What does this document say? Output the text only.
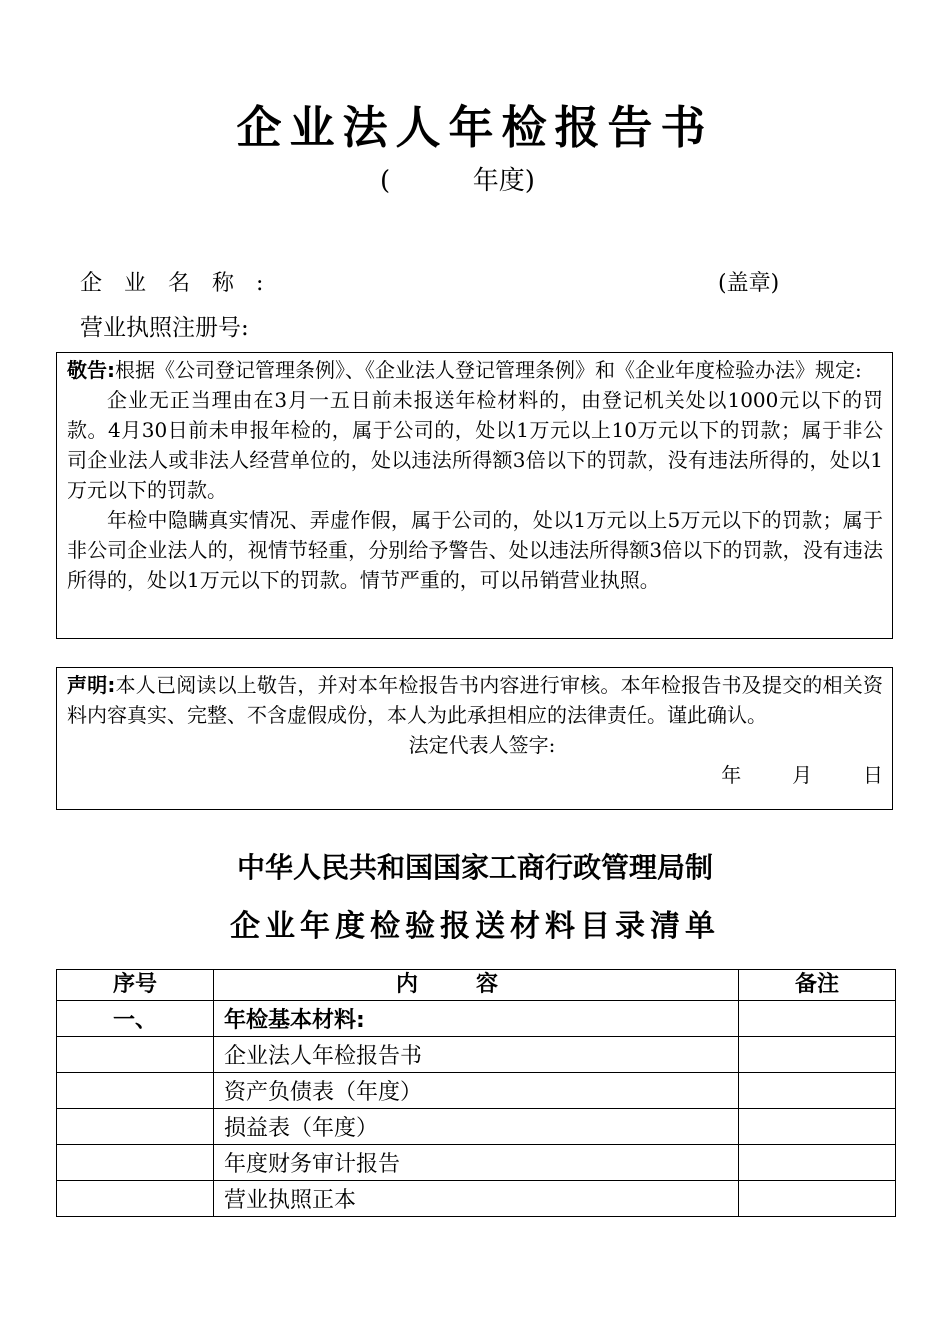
企业法人年检报告书
(          年度)
企业名称:	(盖章)
营业执照注册号:

敬告:根据《公司登记管理条例》、《企业法人登记管理条例》和《企业年度检验办法》规定:

企业无正当理由在3月一五日前未报送年检材料的，由登记机关处以1000元以下的罚款。4月30日前未申报年检的，属于公司的，处以1万元以上10万元以下的罚款；属于非公司企业法人或非法人经营单位的，处以违法所得额3倍以下的罚款，没有违法所得的，处以1万元以下的罚款。

年检中隐瞒真实情况、弄虚作假，属于公司的，处以1万元以上5万元以下的罚款；属于非公司企业法人的，视情节轻重，分别给予警告、处以违法所得额3倍以下的罚款，没有违法所得的，处以1万元以下的罚款。情节严重的，可以吊销营业执照。

声明:本人已阅读以上敬告，并对本年检报告书内容进行审核。本年检报告书及提交的相关资料内容真实、完整、不含虚假成份，本人为此承担相应的法律责任。谨此确认。

法定代表人签字:

年        月        日

中华人民共和国国家工商行政管理局制
企业年度检验报送材料目录清单
序号	内容	备注
一、	年检基本材料:	
	企业法人年检报告书	
	资产负债表（年度）	
	损益表（年度）	
	年度财务审计报告	
	营业执照正本	
